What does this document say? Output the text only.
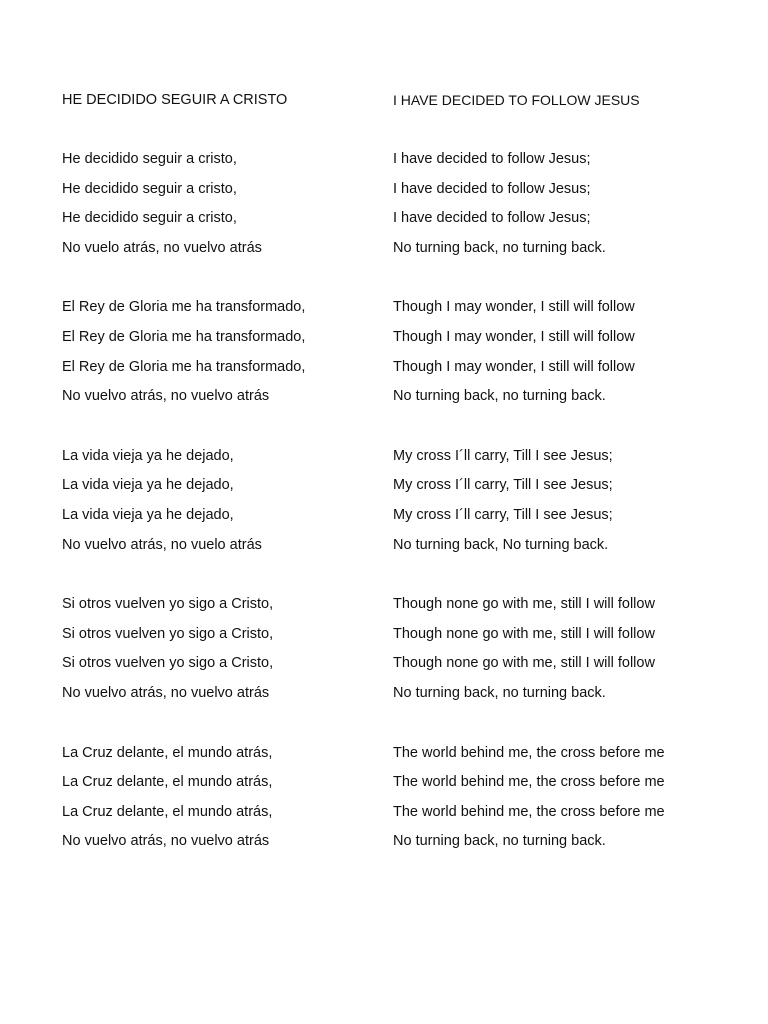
HE DECIDIDO SEGUIR A CRISTO
He decidido seguir a cristo,
He decidido seguir a cristo,
He decidido seguir a cristo,
No vuelo atrás, no vuelvo atrás
El Rey de Gloria me ha transformado,
El Rey de Gloria me ha transformado,
El Rey de Gloria me ha transformado,
No vuelvo atrás, no vuelvo atrás
La vida vieja ya he dejado,
La vida vieja ya he dejado,
La vida vieja ya he dejado,
No vuelvo atrás, no vuelo atrás
Si otros vuelven yo sigo a Cristo,
Si otros vuelven yo sigo a Cristo,
Si otros vuelven yo sigo a Cristo,
No vuelvo atrás, no vuelvo atrás
La Cruz delante, el mundo atrás,
La Cruz delante, el mundo atrás,
La Cruz delante, el mundo atrás,
No vuelvo atrás, no vuelvo atrás
I HAVE DECIDED TO FOLLOW JESUS
I have decided to follow Jesus;
I have decided to follow Jesus;
I have decided to follow Jesus;
No turning back, no turning back.
Though I may wonder, I still will follow
Though I may wonder, I still will follow
Though I may wonder, I still will follow
No turning back, no turning back.
My cross I´ll carry, Till I see Jesus;
My cross I´ll carry, Till I see Jesus;
My cross I´ll carry, Till I see Jesus;
No turning back, No turning back.
Though none go with me, still I will follow
Though none go with me, still I will follow
Though none go with me, still I will follow
No turning back, no turning back.
The world behind me, the cross before me
The world behind me, the cross before me
The world behind me, the cross before me
No turning back, no turning back.
